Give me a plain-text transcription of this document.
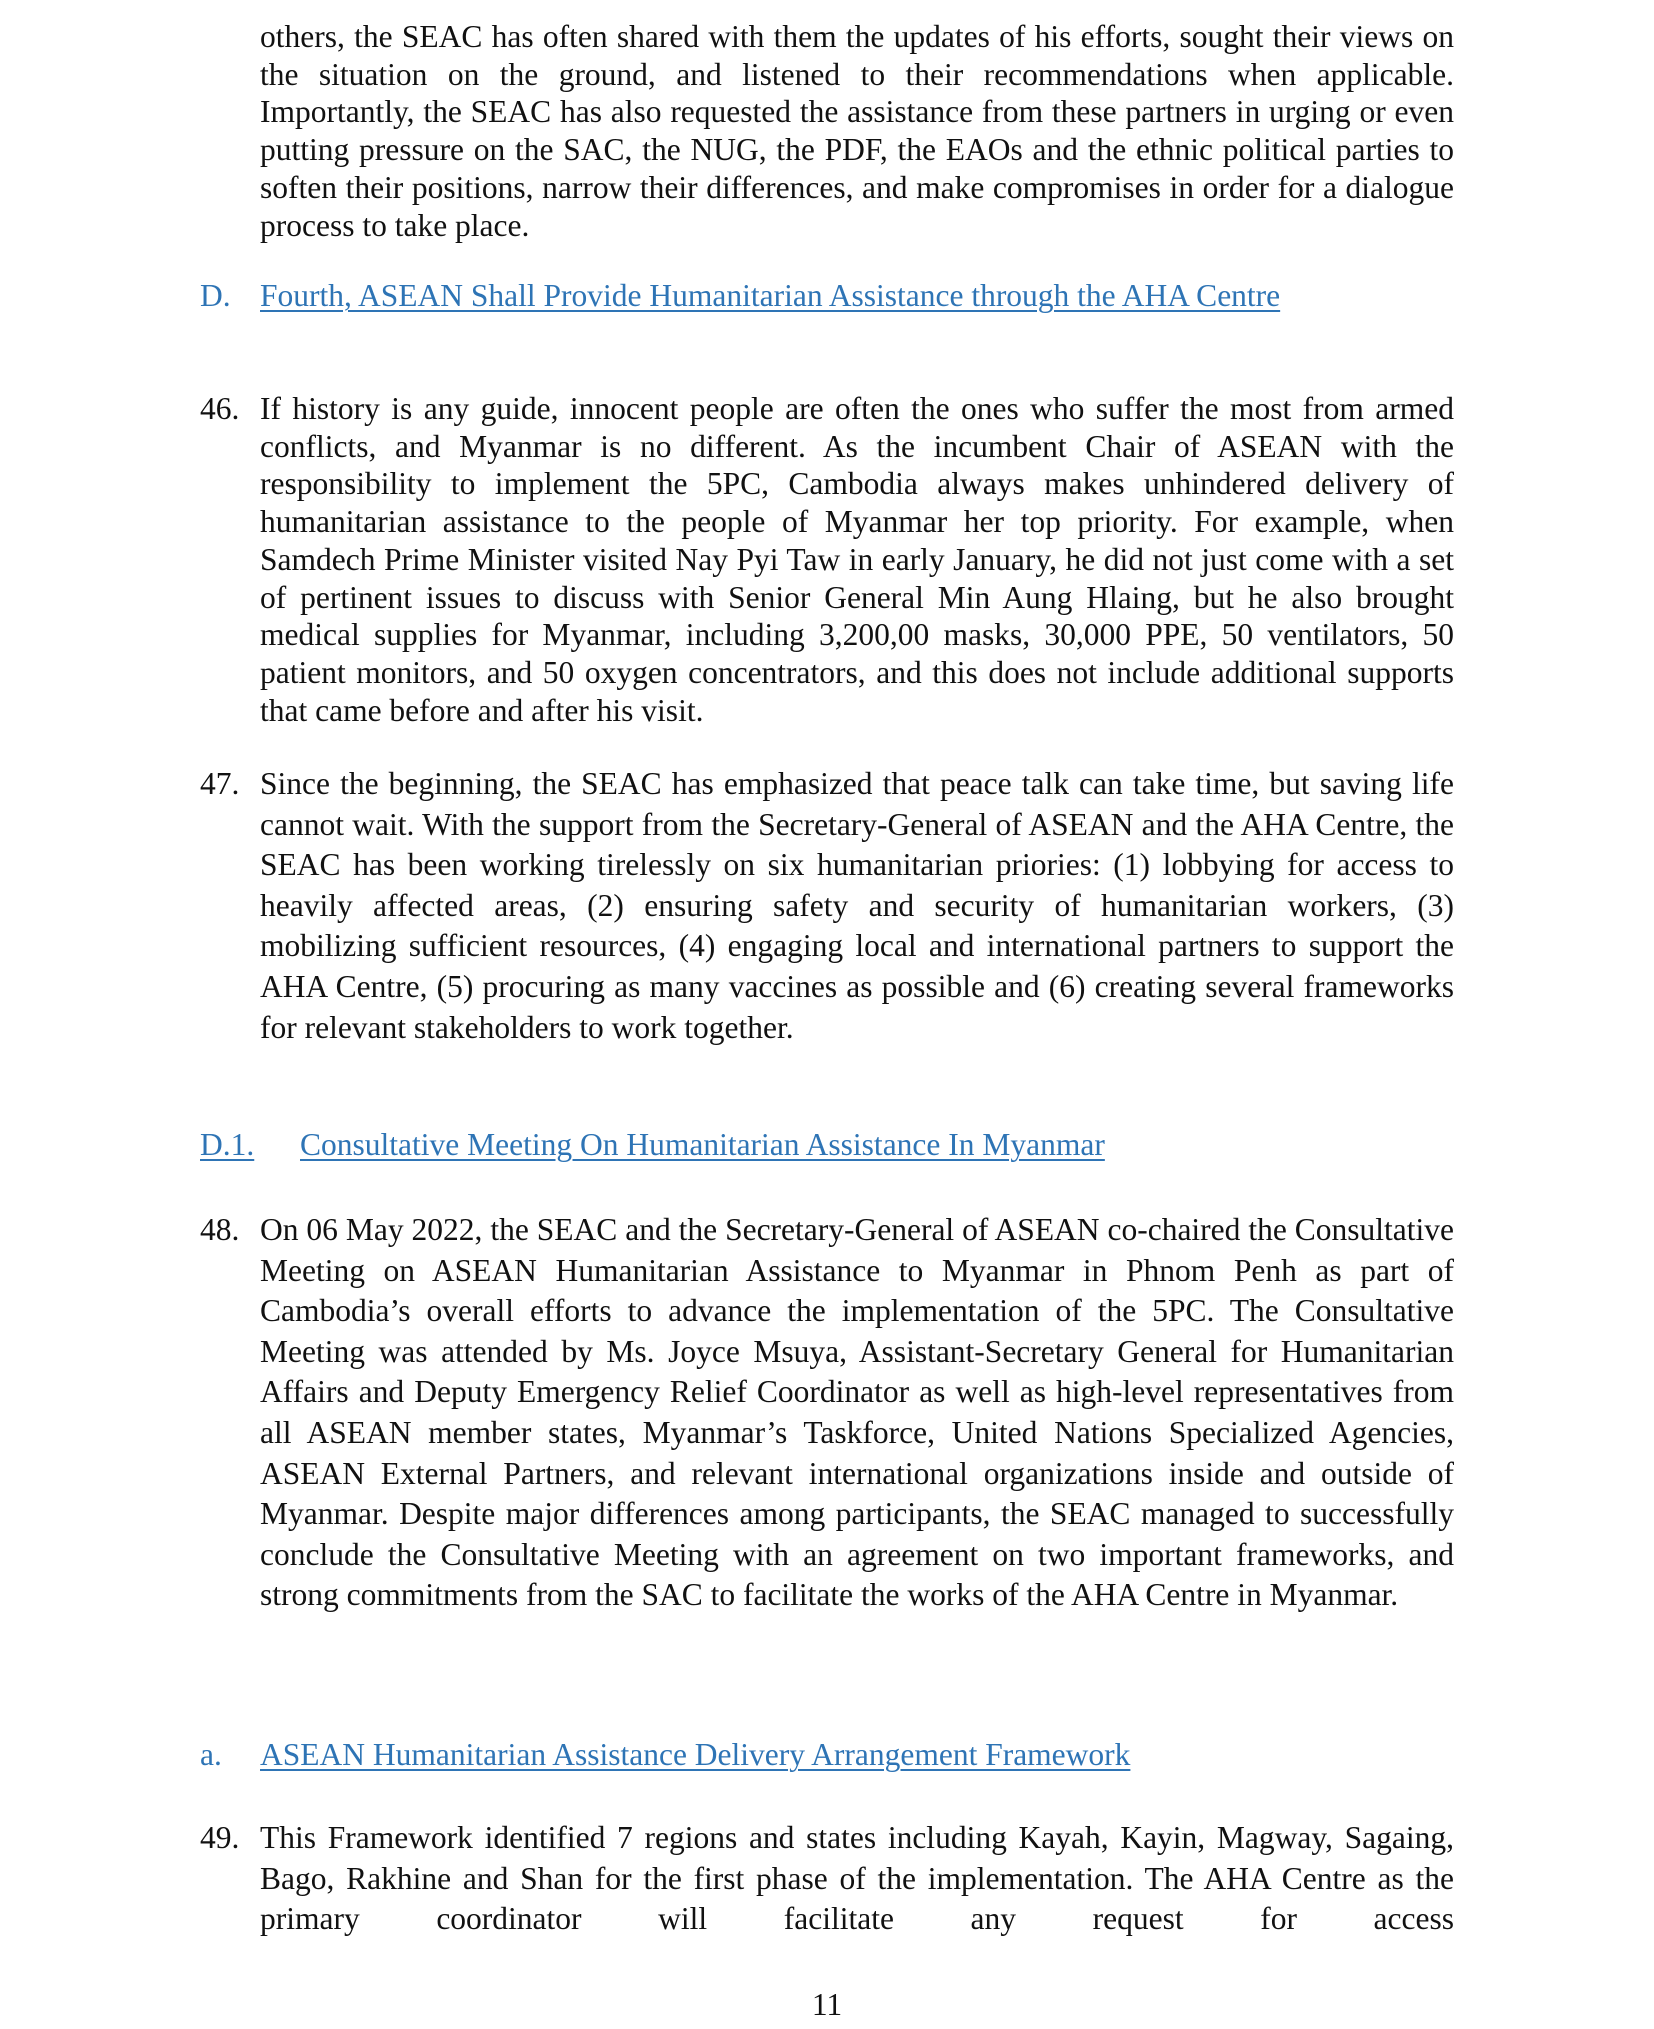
others, the SEAC has often shared with them the updates of his efforts, sought their views on the situation on the ground, and listened to their recommendations when applicable. Importantly, the SEAC has also requested the assistance from these partners in urging or even putting pressure on the SAC, the NUG, the PDF, the EAOs and the ethnic political parties to soften their positions, narrow their differences, and make compromises in order for a dialogue process to take place.
D. Fourth, ASEAN Shall Provide Humanitarian Assistance through the AHA Centre
46. If history is any guide, innocent people are often the ones who suffer the most from armed conflicts, and Myanmar is no different. As the incumbent Chair of ASEAN with the responsibility to implement the 5PC, Cambodia always makes unhindered delivery of humanitarian assistance to the people of Myanmar her top priority. For example, when Samdech Prime Minister visited Nay Pyi Taw in early January, he did not just come with a set of pertinent issues to discuss with Senior General Min Aung Hlaing, but he also brought medical supplies for Myanmar, including 3,200,00 masks, 30,000 PPE, 50 ventilators, 50 patient monitors, and 50 oxygen concentrators, and this does not include additional supports that came before and after his visit.
47. Since the beginning, the SEAC has emphasized that peace talk can take time, but saving life cannot wait. With the support from the Secretary-General of ASEAN and the AHA Centre, the SEAC has been working tirelessly on six humanitarian priories: (1) lobbying for access to heavily affected areas, (2) ensuring safety and security of humanitarian workers, (3) mobilizing sufficient resources, (4) engaging local and international partners to support the AHA Centre, (5) procuring as many vaccines as possible and (6) creating several frameworks for relevant stakeholders to work together.
D.1. Consultative Meeting On Humanitarian Assistance In Myanmar
48. On 06 May 2022, the SEAC and the Secretary-General of ASEAN co-chaired the Consultative Meeting on ASEAN Humanitarian Assistance to Myanmar in Phnom Penh as part of Cambodia’s overall efforts to advance the implementation of the 5PC. The Consultative Meeting was attended by Ms. Joyce Msuya, Assistant-Secretary General for Humanitarian Affairs and Deputy Emergency Relief Coordinator as well as high-level representatives from all ASEAN member states, Myanmar’s Taskforce, United Nations Specialized Agencies, ASEAN External Partners, and relevant international organizations inside and outside of Myanmar. Despite major differences among participants, the SEAC managed to successfully conclude the Consultative Meeting with an agreement on two important frameworks, and strong commitments from the SAC to facilitate the works of the AHA Centre in Myanmar.
a. ASEAN Humanitarian Assistance Delivery Arrangement Framework
49. This Framework identified 7 regions and states including Kayah, Kayin, Magway, Sagaing, Bago, Rakhine and Shan for the first phase of the implementation. The AHA Centre as the primary coordinator will facilitate any request for access
11
